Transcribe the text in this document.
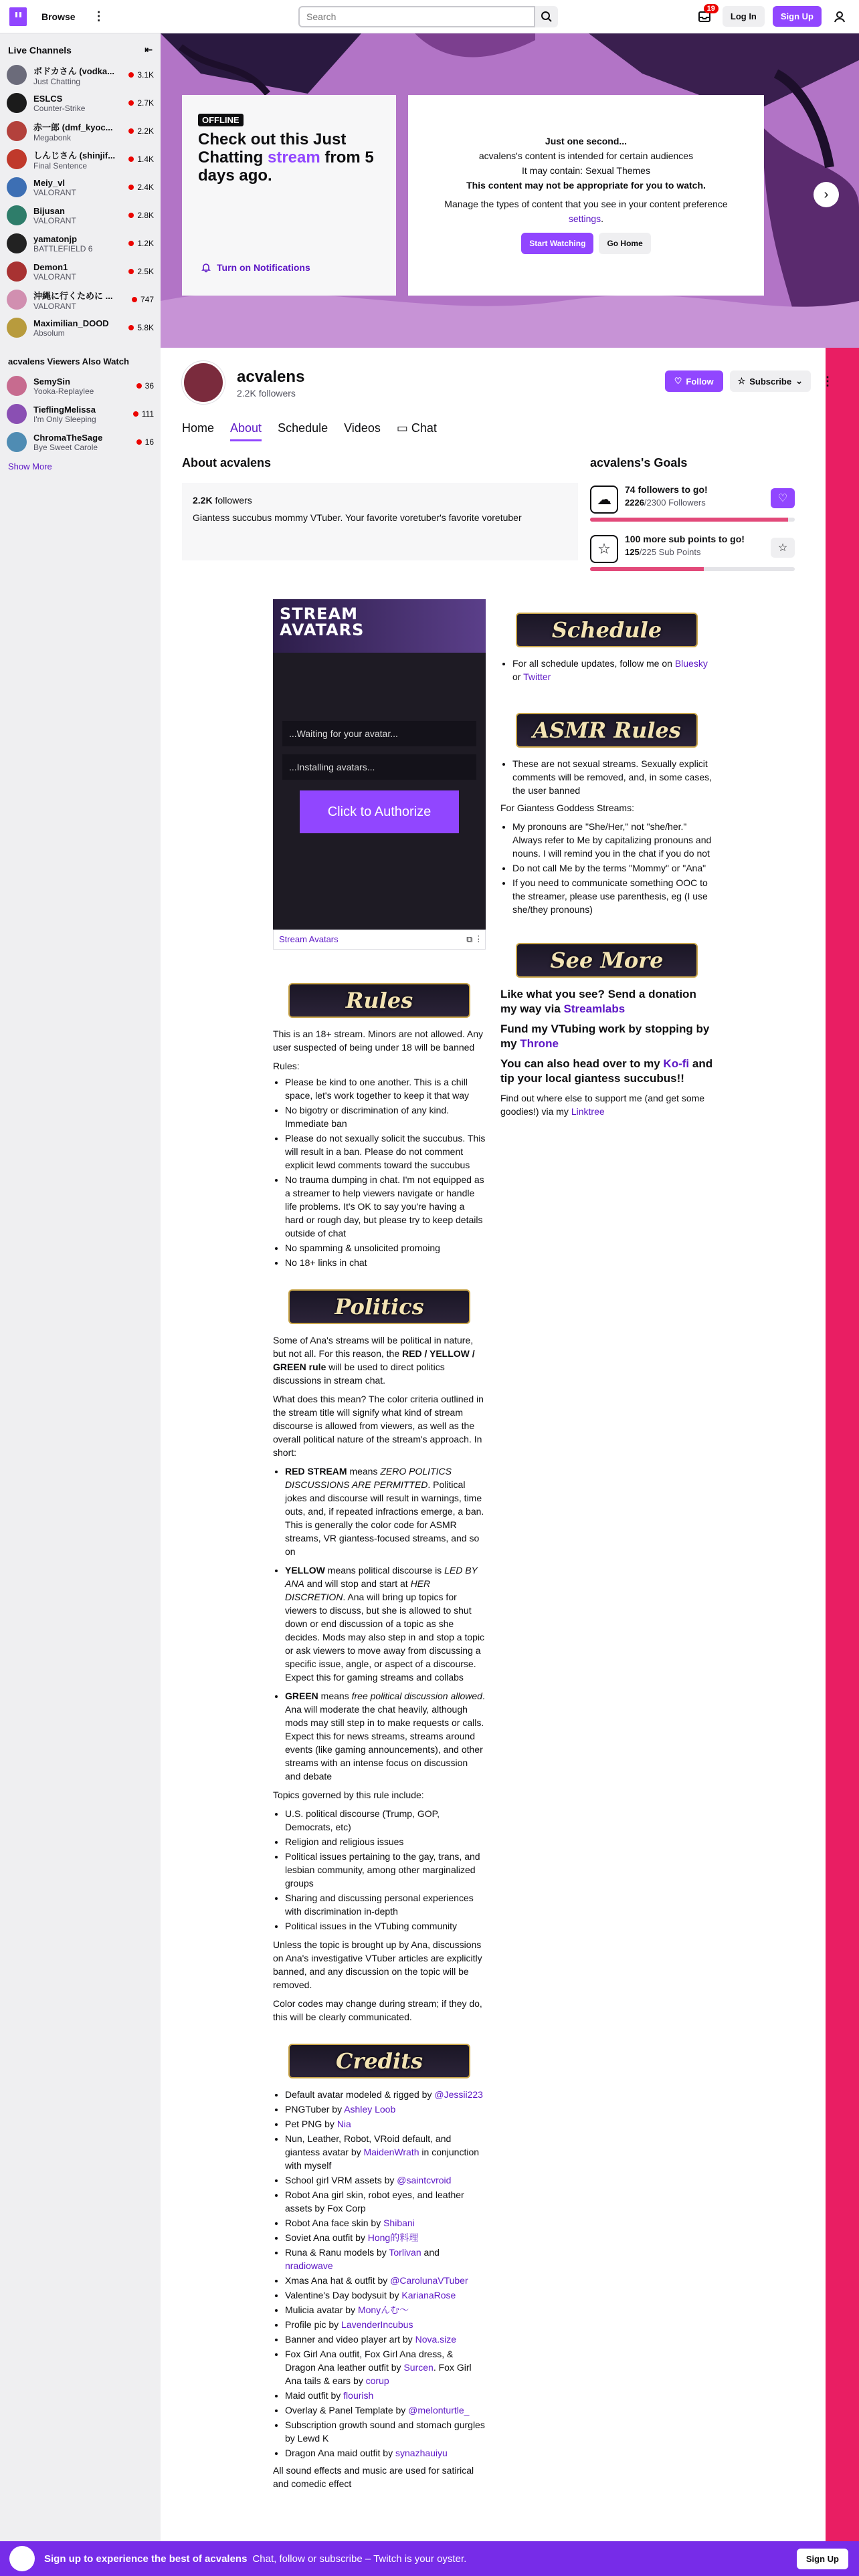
Browse ⋮
Search
19
Log In	Sign Up
Live Channels	⇤
ボドカさん (vodka...
Just Chatting
3.1K
ESLCS
Counter-Strike
2.7K
赤一郎 (dmf_kyoc...
Megabonk
2.2K
しんじさん (shinjif...
Final Sentence
1.4K
Meiy_vl
VALORANT
2.4K
Bijusan
VALORANT
2.8K
yamatonjp
BATTLEFIELD 6
1.2K
Demon1
VALORANT
2.5K
沖縄に行くために ...
VALORANT
747
Maximilian_DOOD
Absolum
5.8K
acvalens Viewers Also Watch
SemySin
Yooka-Replaylee
36
TieflingMelissa
I'm Only Sleeping
111
ChromaTheSage
Bye Sweet Carole
16
Show More
OFFLINE
Check out this Just Chatting stream from 5 days ago.
Turn on Notifications
Just one second...
acvalens's content is intended for certain audiences
It may contain: Sexual Themes
This content may not be appropriate for you to watch.
Manage the types of content that you see in your content preference
settings.
Start Watching	Go Home
›
acvalens
2.2K followers
♡ Follow	☆ Subscribe ⌄	⋮
Home About Schedule Videos ▭ Chat
About acvalens
2.2K followers
Giantess succubus mommy VTuber. Your favorite voretuber's favorite voretuber
acvalens's Goals
☁
74 followers to go!
2226/2300 Followers	♡
☆
100 more sub points to go!
125/225 Sub Points	☆
STREAM
AVATARS
...Waiting for your avatar...
...Installing avatars...
Click to Authorize
Stream Avatars	⧉  ⋮
Rules

This is an 18+ stream. Minors are not allowed. Any user suspected of being under 18 will be banned

Rules:
• Please be kind to one another. This is a chill space, let's work together to keep it that way
• No bigotry or discrimination of any kind. Immediate ban
• Please do not sexually solicit the succubus. This will result in a ban. Please do not comment explicit lewd comments toward the succubus
• No trauma dumping in chat. I'm not equipped as a streamer to help viewers navigate or handle life problems. It's OK to say you're having a hard or rough day, but please try to keep details outside of chat
• No spamming & unsolicited promoing
• No 18+ links in chat
Politics

Some of Ana's streams will be political in nature, but not all. For this reason, the RED / YELLOW / GREEN rule will be used to direct politics discussions in stream chat.

What does this mean? The color criteria outlined in the stream title will signify what kind of stream discourse is allowed from viewers, as well as the overall political nature of the stream's approach. In short:

• RED STREAM means ZERO POLITICS DISCUSSIONS ARE PERMITTED. Political jokes and discourse will result in warnings, time outs, and, if repeated infractions emerge, a ban. This is generally the color code for ASMR streams, VR giantess-focused streams, and so on
• YELLOW means political discourse is LED BY ANA and will stop and start at HER DISCRETION. Ana will bring up topics for viewers to discuss, but she is allowed to shut down or end discussion of a topic as she decides. Mods may also step in and stop a topic or ask viewers to move away from discussing a specific issue, angle, or aspect of a discourse. Expect this for gaming streams and collabs
• GREEN means free political discussion allowed. Ana will moderate the chat heavily, although mods may still step in to make requests or calls. Expect this for news streams, streams around events (like gaming announcements), and other streams with an intense focus on discussion and debate

Topics governed by this rule include:

• U.S. political discourse (Trump, GOP, Democrats, etc)
• Religion and religious issues
• Political issues pertaining to the gay, trans, and lesbian community, among other marginalized groups
• Sharing and discussing personal experiences with discrimination in-depth
• Political issues in the VTubing community

Unless the topic is brought up by Ana, discussions on Ana's investigative VTuber articles are explicitly banned, and any discussion on the topic will be removed.

Color codes may change during stream; if they do, this will be clearly communicated.

Credits
• Default avatar modeled & rigged by @Jessii223
• PNGTuber by Ashley Loob
• Pet PNG by Nia
• Nun, Leather, Robot, VRoid default, and giantess avatar by MaidenWrath in conjunction with myself
• School girl VRM assets by @saintcvroid
• Robot Ana girl skin, robot eyes, and leather assets by Fox Corp
• Robot Ana face skin by Shibani
• Soviet Ana outfit by Hong的料理
• Runa & Ranu models by Torlivan and nradiowave
• Xmas Ana hat & outfit by @CarolunaVTuber
• Valentine's Day bodysuit by KarianaRose
• Mulicia avatar by Monyんむ〜
• Profile pic by LavenderIncubus
• Banner and video player art by Nova.size
• Fox Girl Ana outfit, Fox Girl Ana dress, & Dragon Ana leather outfit by Surcen. Fox Girl Ana tails & ears by corup
• Maid outfit by flourish
• Overlay & Panel Template by @melonturtle_
• Subscription growth sound and stomach gurgles by Lewd K
• Dragon Ana maid outfit by synazhauiyu

All sound effects and music are used for satirical and comedic effect

Schedule
• For all schedule updates, follow me on Bluesky or Twitter
ASMR Rules
• These are not sexual streams. Sexually explicit comments will be removed, and, in some cases, the user banned

For Giantess Goddess Streams:

• My pronouns are "She/Her," not "she/her." Always refer to Me by capitalizing pronouns and nouns. I will remind you in the chat if you do not
• Do not call Me by the terms "Mommy" or "Ana"
• If you need to communicate something OOC to the streamer, please use parenthesis, eg (I use she/they pronouns)
See More
Like what you see? Send a donation my way via Streamlabs
Fund my VTubing work by stopping by my Throne
You can also head over to my Ko-fi and tip your local giantess succubus!!

Find out where else to support me (and get some goodies!) via my Linktree

Sign up to experience the best of acvalens Chat, follow or subscribe – Twitch is your oyster.	Sign Up
